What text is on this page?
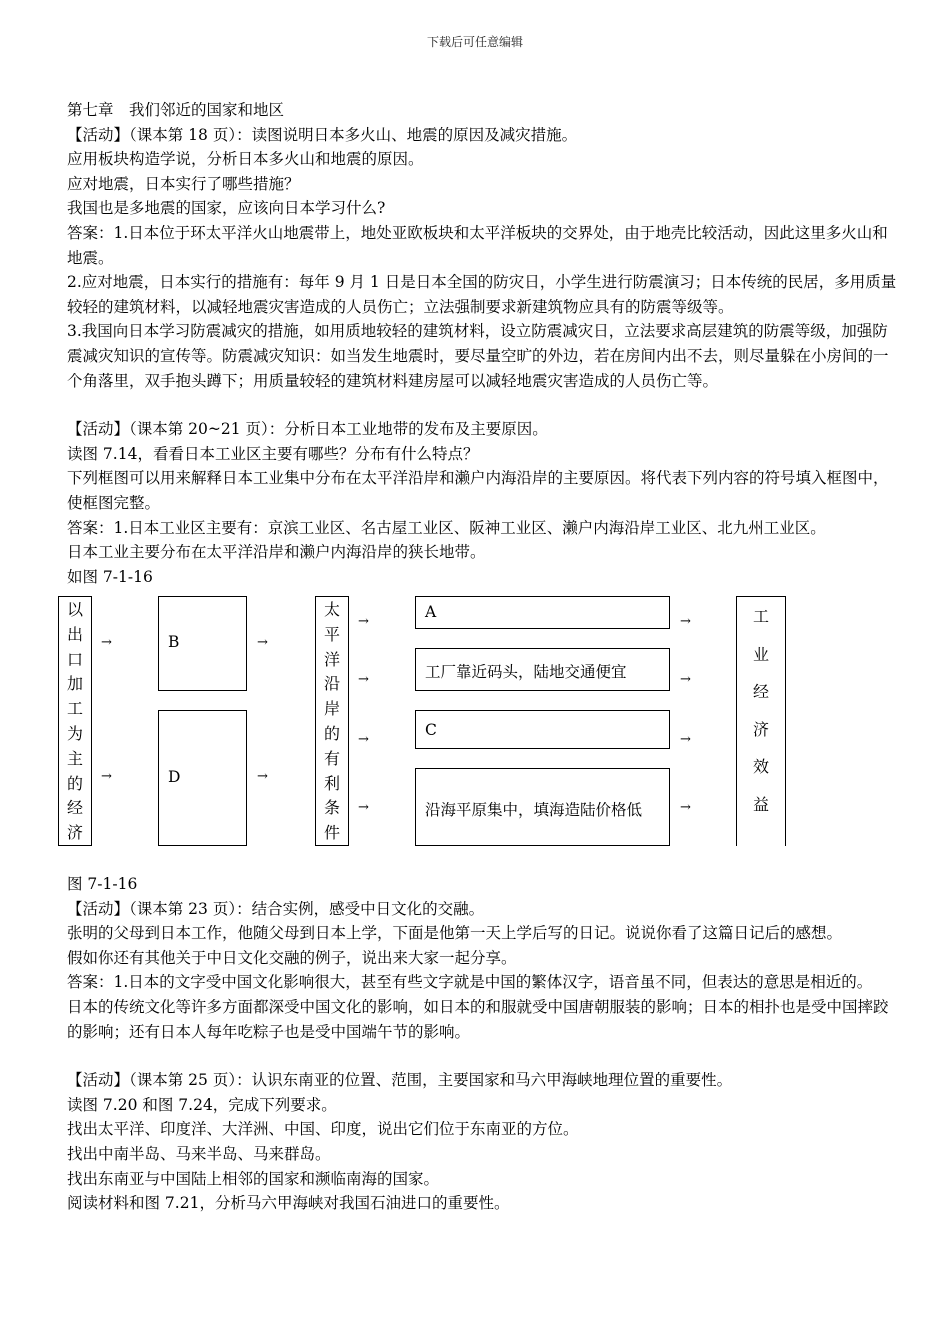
下载后可任意编辑

第七章　我们邻近的国家和地区

【活动】（课本第 18 页）：读图说明日本多火山、地震的原因及减灾措施。

应用板块构造学说，分析日本多火山和地震的原因。

应对地震，日本实行了哪些措施？

我国也是多地震的国家，应该向日本学习什么?

答案：1.日本位于环太平洋火山地震带上，地处亚欧板块和太平洋板块的交界处，由于地壳比较活动，因此这里多火山和地震。

2.应对地震，日本实行的措施有：每年 9 月 1 日是日本全国的防灾日，小学生进行防震演习；日本传统的民居，多用质量较轻的建筑材料，以减轻地震灾害造成的人员伤亡；立法强制要求新建筑物应具有的防震等级等。

3.我国向日本学习防震减灾的措施，如用质地较轻的建筑材料，设立防震减灾日，立法要求高层建筑的防震等级，加强防震减灾知识的宣传等。防震减灾知识：如当发生地震时，要尽量空旷的外边，若在房间内出不去，则尽量躲在小房间的一个角落里，双手抱头蹲下；用质量较轻的建筑材料建房屋可以减轻地震灾害造成的人员伤亡等。

【活动】（课本第 20~21 页）：分析日本工业地带的发布及主要原因。

读图 7.14，看看日本工业区主要有哪些？分布有什么特点？

下列框图可以用来解释日本工业集中分布在太平洋沿岸和濑户内海沿岸的主要原因。将代表下列内容的符号填入框图中，使框图完整。

答案：1.日本工业区主要有：京滨工业区、名古屋工业区、阪神工业区、濑户内海沿岸工业区、北九州工业区。

日本工业主要分布在太平洋沿岸和濑户内海沿岸的狭长地带。

如图 7-1-16

以
出
口
加
工
为
主
的
经
济
→
→
B
D
→
→
太
平
洋
沿
岸
的
有
利
条
件
→
→
→
→
A
工厂靠近码头，陆地交通便宜
C
沿海平原集中，填海造陆价格低
→
→
→
→
工
业
经
济
效
益

图 7-1-16

【活动】（课本第 23 页）：结合实例，感受中日文化的交融。

张明的父母到日本工作，他随父母到日本上学，下面是他第一天上学后写的日记。说说你看了这篇日记后的感想。

假如你还有其他关于中日文化交融的例子，说出来大家一起分享。

答案：1.日本的文字受中国文化影响很大，甚至有些文字就是中国的繁体汉字，语音虽不同，但表达的意思是相近的。

日本的传统文化等许多方面都深受中国文化的影响，如日本的和服就受中国唐朝服装的影响；日本的相扑也是受中国摔跤的影响；还有日本人每年吃粽子也是受中国端午节的影响。

【活动】（课本第 25 页）：认识东南亚的位置、范围，主要国家和马六甲海峡地理位置的重要性。

读图 7.20 和图 7.24，完成下列要求。

找出太平洋、印度洋、大洋洲、中国、印度，说出它们位于东南亚的方位。

找出中南半岛、马来半岛、马来群岛。

找出东南亚与中国陆上相邻的国家和濒临南海的国家。

阅读材料和图 7.21，分析马六甲海峡对我国石油进口的重要性。
